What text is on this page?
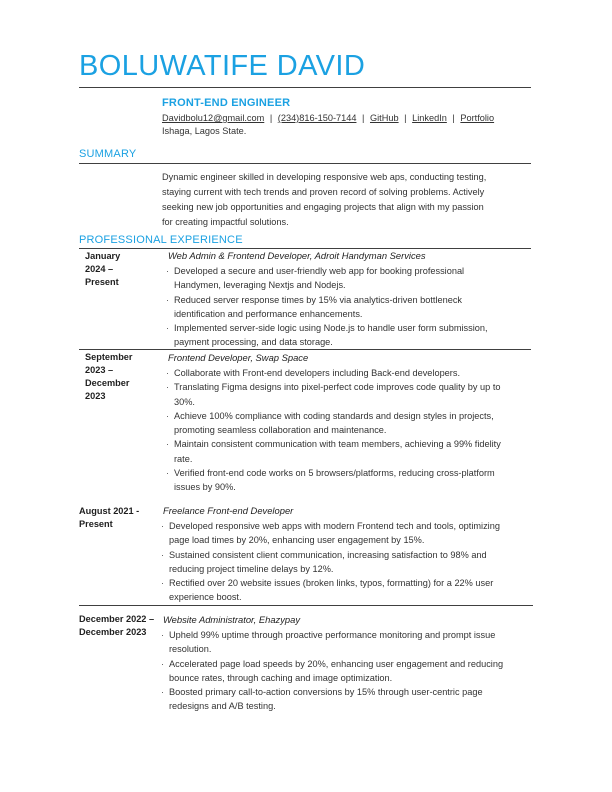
BOLUWATIFE DAVID
FRONT-END ENGINEER
Davidbolu12@gmail.com | (234)816-150-7144 | GitHub | LinkedIn | Portfolio
Ishaga, Lagos State.
SUMMARY
Dynamic engineer skilled in developing responsive web aps, conducting testing, staying current with tech trends and proven record of solving problems. Actively seeking new job opportunities and engaging projects that align with my passion for creating impactful solutions.
PROFESSIONAL EXPERIENCE
January 2024 – Present
Web Admin & Frontend Developer, Adroit Handyman Services
· Developed a secure and user-friendly web app for booking professional Handymen, leveraging Nextjs and Nodejs.
· Reduced server response times by 15% via analytics-driven bottleneck identification and performance enhancements.
· Implemented server-side logic using Node.js to handle user form submission, payment processing, and data storage.
September 2023 – December 2023
Frontend Developer, Swap Space
· Collaborate with Front-end developers including Back-end developers.
· Translating Figma designs into pixel-perfect code improves code quality by up to 30%.
· Achieve 100% compliance with coding standards and design styles in projects, promoting seamless collaboration and maintenance.
· Maintain consistent communication with team members, achieving a 99% fidelity rate.
· Verified front-end code works on 5 browsers/platforms, reducing cross-platform issues by 90%.
August 2021 - Present
Freelance Front-end Developer
· Developed responsive web apps with modern Frontend tech and tools, optimizing page load times by 20%, enhancing user engagement by 15%.
· Sustained consistent client communication, increasing satisfaction to 98% and reducing project timeline delays by 12%.
· Rectified over 20 website issues (broken links, typos, formatting) for a 22% user experience boost.
December 2022 – December 2023
Website Administrator, Ehazypay
· Upheld 99% uptime through proactive performance monitoring and prompt issue resolution.
· Accelerated page load speeds by 20%, enhancing user engagement and reducing bounce rates, through caching and image optimization.
· Boosted primary call-to-action conversions by 15% through user-centric page redesigns and A/B testing.
